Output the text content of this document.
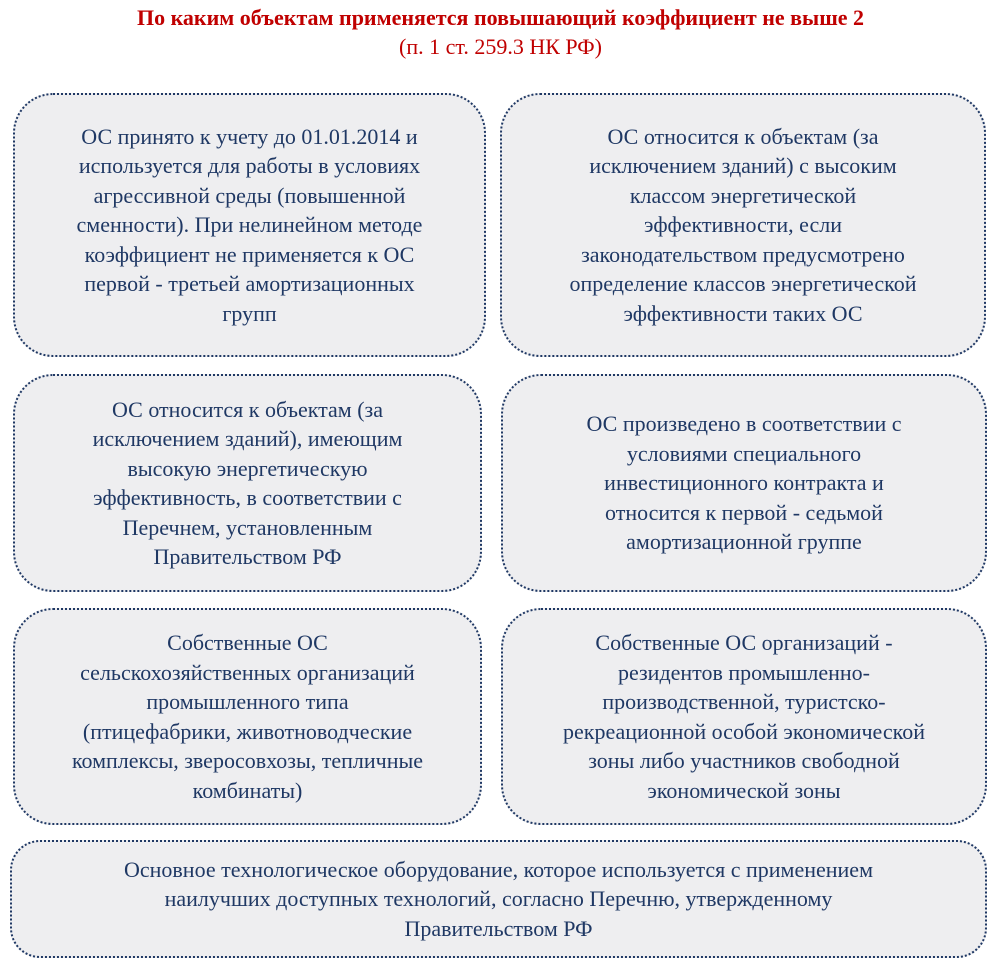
По каким объектам применяется повышающий коэффициент не выше 2
(п. 1 ст. 259.3 НК РФ)
ОС принято к учету до 01.01.2014 и
используется для работы в условиях
агрессивной среды (повышенной
сменности). При нелинейном методе
коэффициент не применяется к ОС
первой - третьей амортизационных
групп
ОС относится к объектам (за
исключением зданий) с высоким
классом энергетической
эффективности, если
законодательством предусмотрено
определение классов энергетической
эффективности таких ОС
ОС относится к объектам (за
исключением зданий), имеющим
высокую энергетическую
эффективность, в соответствии с
Перечнем, установленным
Правительством РФ
ОС произведено в соответствии с
условиями специального
инвестиционного контракта и
относится к первой - седьмой
амортизационной группе
Собственные ОС
сельскохозяйственных организаций
промышленного типа
(птицефабрики, животноводческие
комплексы, звероcовхозы, тепличные
комбинаты)
Собственные ОС организаций -
резидентов промышленно-
производственной, туристско-
рекреационной особой экономической
зоны либо участников свободной
экономической зоны
Основное технологическое оборудование, которое используется с применением
наилучших доступных технологий, согласно Перечню, утвержденному
Правительством РФ
